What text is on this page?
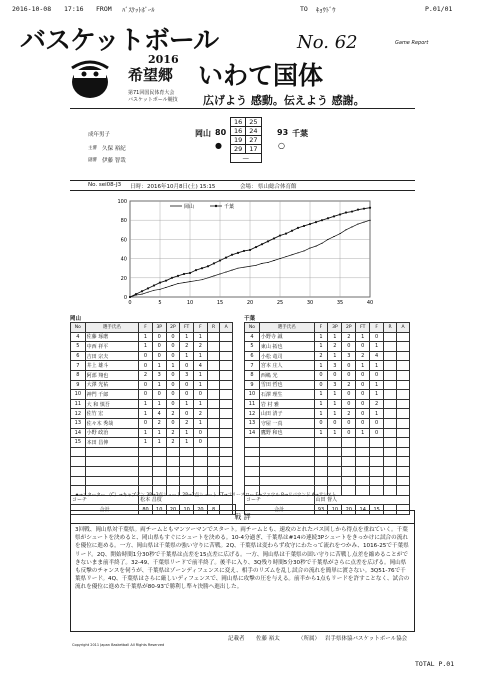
2016-10-08 17:16 FROM ﾊﾞｽｹｯﾄﾎﾞｰﾙ	TO ｷｮｳﾄﾞｳ	P.01/01
バスケットボール	No. 62	Game Report
2016
希望郷 いわて国体
第71回国民体育大会
バスケットボール競技 広げよう 感動。伝えよう 感謝。
成年男子
主審 久保 裕紀
副審 伊藤 智哉
岡山 80
●
16	25
16	24
19	27
29	17
—	
93 千葉
○
No. sei08-J3 日時： 2016年10月8日(土) 15:15	会場： 県山総合体育館
0
20
40
60
80
100
0	5	10	15	20	25	30	35	40
岡山	千葉
岡山	千葉
No	選手氏名	F	3P	2P	FT	F	R	A	
4	佐藤 琢磨	1	0	0	1	1			
5	中西 祥平	1	0	0	2	2			
6	吉田 宗夫	0	0	0	1	1			
7	井上 雄斗	0	1	1	0	4			
8	阿部 翔也	2	3	0	3	1			
9	大澤 光祐	0	1	0	0	1			
10	神門 千郎	0	0	0	0	0			
11	大 和 慎吾	1	1	0	1	1			
12	佐竹 宏	1	4	2	0	2			
13	佐々木 秀哉	0	2	0	2	1			
14	小野 政治	1	1	2	1	0			
15	本田 昌伸	1	1	2	1	0			

コーチ		松本 昌枝							
合計		80	10	20	10	20	8		
No	選手氏名	F	3P	2P	FT	F	R	A
4	小野寺 誠	1	1	2	1	0		
5	東山 拓也	1	2	0	0	1		
6	小松 竜司	2	1	3	2	4		
7	宮本 庄人	1	3	0	1	1		
8	西嶋 光	0	0	0	0	0		
9	雪田 哲也	0	3	2	0	1		
10	石澤 理生	1	1	0	0	1		
11	岩 村 雅	1	1	0	0	2		
12	山田 清子	1	1	2	0	1		
13	守屋 一真	0	0	0	0	0		
14	鷹野 和也	1	1	0	1	0		

コーチ		山田 督人						
合計		93	10	20	14	15		
★→スターター （C）→キャプテン 3P→3点シュート 2P→2点シュート FT→フリースロー F→ファウル R→リバウンド A→アシスト
戦 評
3回戦、岡山県対千葉県。両チームともマンツーマンでスタート。両チームとも、速攻のとれたパス回しから得点を重ねていく。千葉県がシュートを決めると、岡山県もすぐにシュートを決める。10-4分過ぎ、千葉県は#14の連続3Pシュートをきっかけに試合の流れを優位に進める。一方、岡山県は千葉県の強い守りに苦戦。2Q、千葉県は変わらず攻守にわたって流れをつかみ、1016-25で千葉県リード。2Q、開始時間1分30秒で千葉県は点差を15点差に広げる。一方、岡山県は千葉県の固い守りに苦戦し点差を縮めることができないまま前半終了。32-49、千葉県リードで前半終了。後半に入り、3Q残り時間5分30秒で千葉県がさらに点差を広げる。岡山県も反撃のチャンスを伺うが、千葉県はゾーンディフェンスに変え、相手のリズムを乱し試合の流れを簡単に渡さない。3Q51-76で千葉県リード。4Q、千葉県はさらに厳しいディフェンスで、岡山県に攻撃の圧を与える。前半から1点もリードを許すことなく、試合の流れを優位に進めた千葉県が80-93で勝利し準々決勝へ進出した。
記載者 佐藤 裕太	（所属） 岩手県体協バスケットボール協会
Copyright 2011 Japan Basketball All Rights Reserved
TOTAL P.01
